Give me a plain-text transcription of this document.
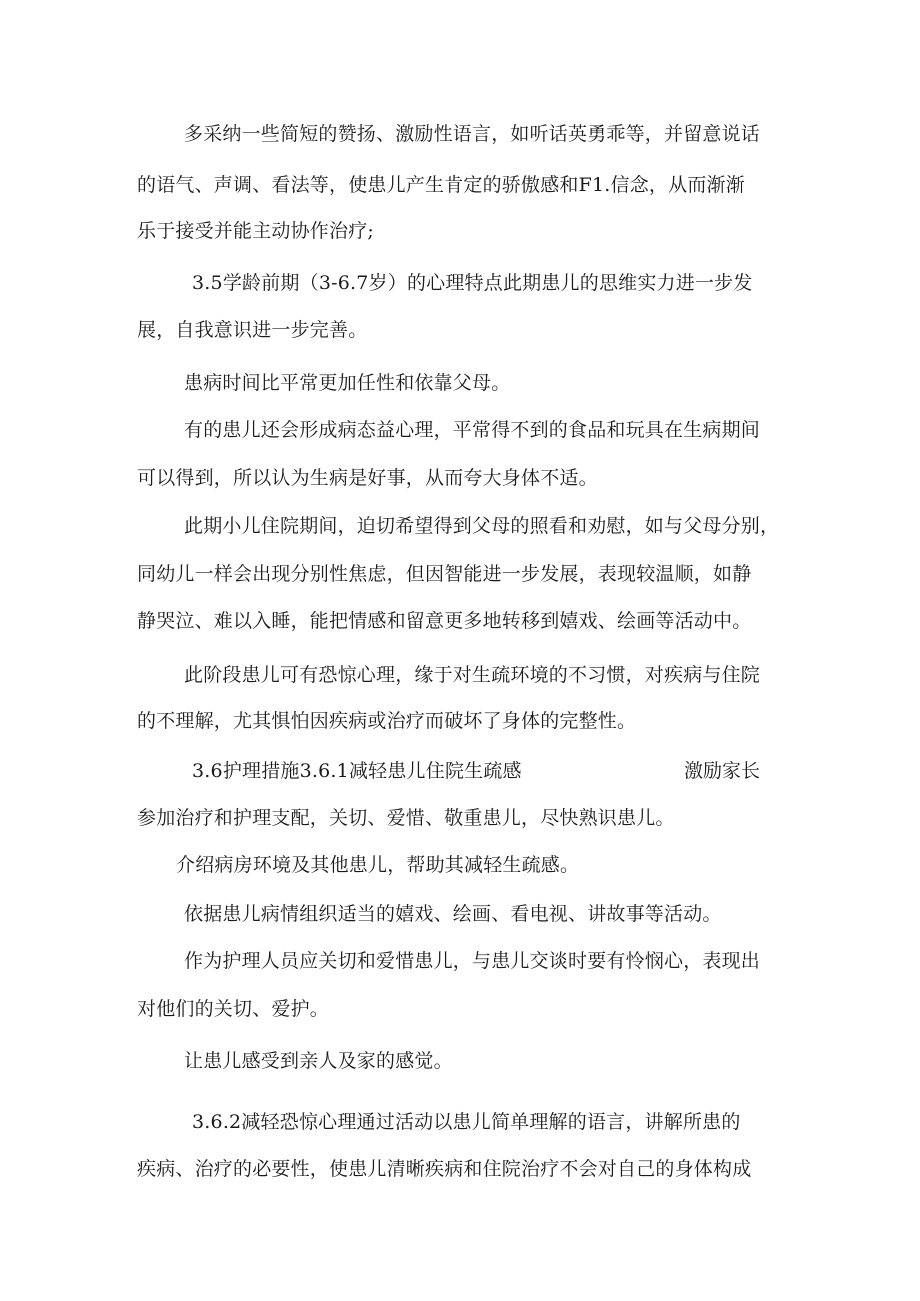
多采纳一些简短的赞扬、激励性语言，如听话英勇乖等，并留意说话
的语气、声调、看法等，使患儿产生肯定的骄傲感和F1.信念，从而渐渐
乐于接受并能主动协作治疗;
3.5学龄前期（3-6.7岁）的心理特点此期患儿的思维实力进一步发
展，自我意识进一步完善。
患病时间比平常更加任性和依靠父母。
有的患儿还会形成病态益心理，平常得不到的食品和玩具在生病期间
可以得到，所以认为生病是好事，从而夸大身体不适。
此期小儿住院期间，迫切希望得到父母的照看和劝慰，如与父母分别，
同幼儿一样会出现分别性焦虑，但因智能进一步发展，表现较温顺，如静
静哭泣、难以入睡，能把情感和留意更多地转移到嬉戏、绘画等活动中。
此阶段患儿可有恐惊心理，缘于对生疏环境的不习惯，对疾病与住院
的不理解，尤其惧怕因疾病或治疗而破坏了身体的完整性。
3.6护理措施3.6.1减轻患儿住院生疏感	激励家长
参加治疗和护理支配，关切、爱惜、敬重患儿，尽快熟识患儿。
介绍病房环境及其他患儿，帮助其减轻生疏感。
依据患儿病情组织适当的嬉戏、绘画、看电视、讲故事等活动。
作为护理人员应关切和爱惜患儿，与患儿交谈时要有怜悯心，表现出
对他们的关切、爱护。
让患儿感受到亲人及家的感觉。
3.6.2减轻恐惊心理通过活动以患儿简单理解的语言，讲解所患的
疾病、治疗的必要性，使患儿清晰疾病和住院治疗不会对自己的身体构成
